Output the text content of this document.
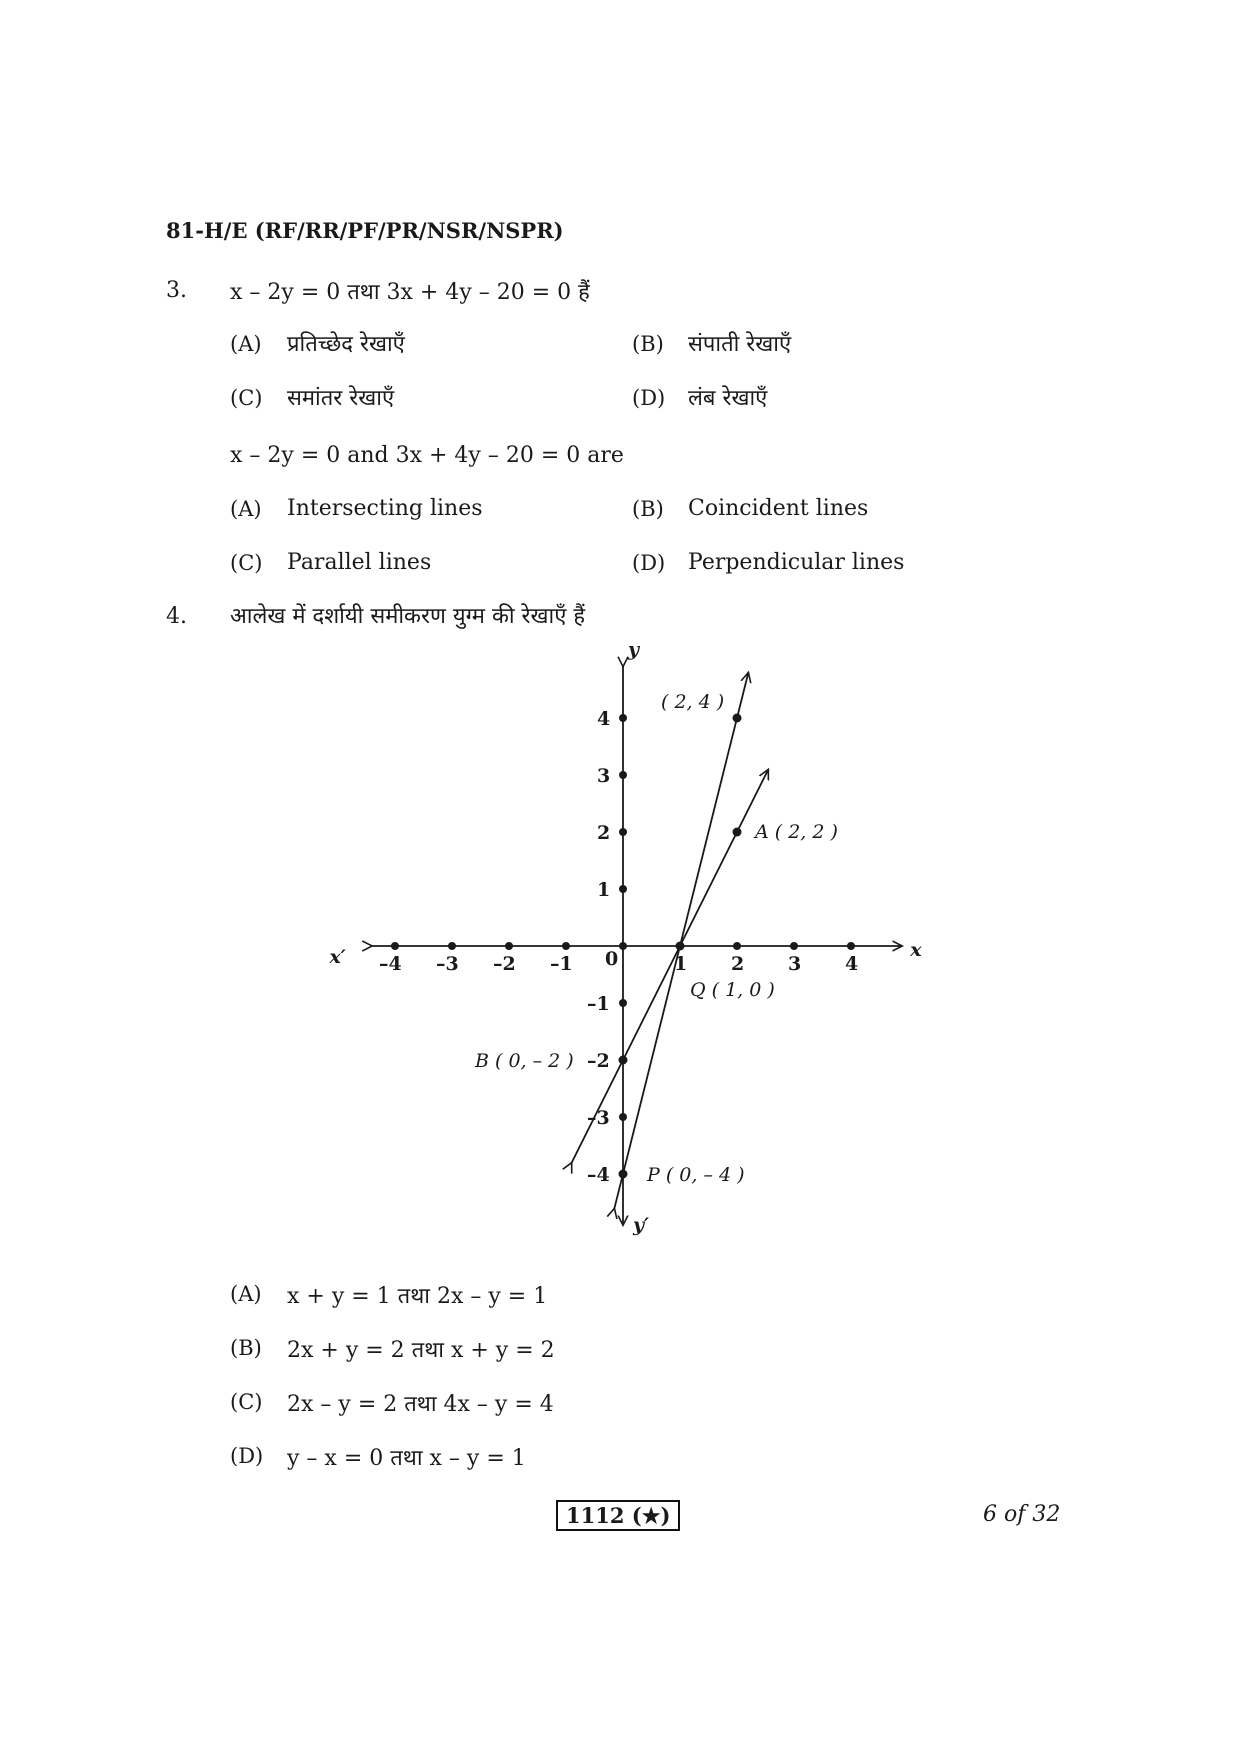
81-H/E (RF/RR/PF/PR/NSR/NSPR)
3. x – 2y = 0 तथा 3x + 4y – 20 = 0 हैं
(A) प्रतिच्छेद रेखाएँ	(B) संपाती रेखाएँ
(C) समांतर रेखाएँ	(D) लंब रेखाएँ
x – 2y = 0 and 3x + 4y – 20 = 0 are
(A) Intersecting lines	(B) Coincident lines
(C) Parallel lines	(D) Perpendicular lines
4. आलेख में दर्शायी समीकरण युग्म की रेखाएँ हैं
x
x′
y
y′
–4 –3 –2 –1 0	1 2 3 4
4
3
2
1
–1
–2
–3
–4
( 2, 4 )
A ( 2, 2 )
Q ( 1, 0 )
B ( 0, – 2 )
P ( 0, – 4 )
(A) x + y = 1 तथा 2x – y = 1
(B) 2x + y = 2 तथा x + y = 2
(C) 2x – y = 2 तथा 4x – y = 4
(D) y – x = 0 तथा x – y = 1
1112 (★)	6 of 32
